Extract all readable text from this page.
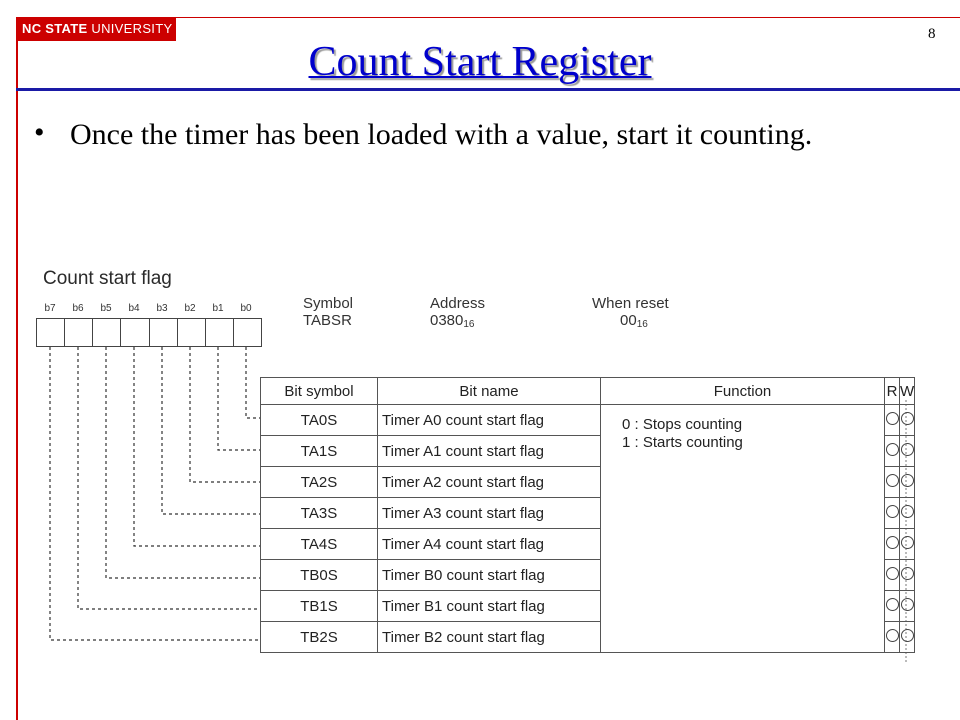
NC STATE UNIVERSITY	8
Count Start Register
• Once the timer has been loaded with a value, start it counting.
Count start flag
b7	b6	b5	b4	b3	b2	b1	b0	Symbol
TABSR
Address
$0380_{16}$
When reset
$00_{16}$
Bit symbol	Bit name	Function	R	W
TA0S	Timer A0 count start flag			
TA1S	Timer A1 count start flag			
TA2S	Timer A2 count start flag			
TA3S	Timer A3 count start flag			
TA4S	Timer A4 count start flag			
TB0S	Timer B0 count start flag			
TB1S	Timer B1 count start flag			
TB2S	Timer B2 count start flag			
0 : Stops counting
1 : Starts counting
